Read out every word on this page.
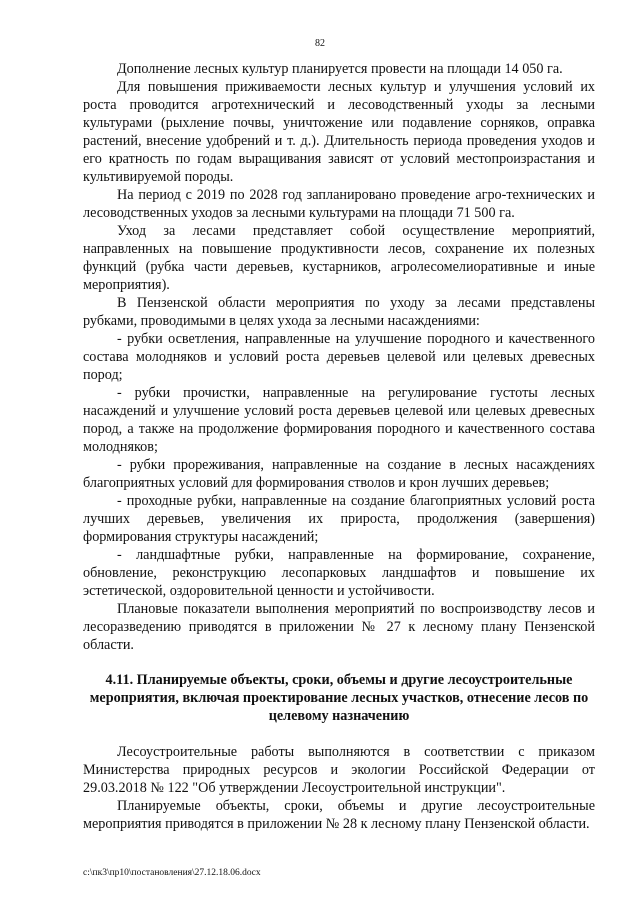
82

Дополнение лесных культур планируется провести на площади 14 050 га.

Для повышения приживаемости лесных культур и улучшения условий их роста проводится агротехнический и лесоводственный уходы за лесными культурами (рыхление почвы, уничтожение или подавление сорняков, оправка растений, внесение удобрений и т. д.). Длительность периода проведения уходов и его кратность по годам выращивания зависят от условий местопроизрастания и культивируемой породы.

На период с 2019 по 2028 год запланировано проведение агро-технических и лесоводственных уходов за лесными культурами на площади 71 500 га.

Уход за лесами представляет собой осуществление мероприятий, направленных на повышение продуктивности лесов, сохранение их полезных функций (рубка части деревьев, кустарников, агролесомелиоративные и иные мероприятия).

В Пензенской области мероприятия по уходу за лесами представлены рубками, проводимыми в целях ухода за лесными насаждениями:

- рубки осветления, направленные на улучшение породного и качественного состава молодняков и условий роста деревьев целевой или целевых древесных пород;

- рубки прочистки, направленные на регулирование густоты лесных насаждений и улучшение условий роста деревьев целевой или целевых древесных пород, а также на продолжение формирования породного и качественного состава молодняков;

- рубки прореживания, направленные на создание в лесных насаждениях благоприятных условий для формирования стволов и крон лучших деревьев;

- проходные рубки, направленные на создание благоприятных условий роста лучших деревьев, увеличения их прироста, продолжения (завершения) формирования структуры насаждений;

- ландшафтные рубки, направленные на формирование, сохранение, обновление, реконструкцию лесопарковых ландшафтов и повышение их эстетической, оздоровительной ценности и устойчивости.

Плановые показатели выполнения мероприятий по воспроизводству лесов и лесоразведению приводятся в приложении № 27 к лесному плану Пензенской области.

4.11. Планируемые объекты, сроки, объемы и другие лесоустроительные мероприятия, включая проектирование лесных участков, отнесение лесов по целевому назначению

Лесоустроительные работы выполняются в соответствии с приказом Министерства природных ресурсов и экологии Российской Федерации от 29.03.2018 № 122 "Об утверждении Лесоустроительной инструкции".

Планируемые объекты, сроки, объемы и другие лесоустроительные мероприятия приводятся в приложении № 28 к лесному плану Пензенской области.

c:\пк3\пр10\постановления\27.12.18.06.docx
